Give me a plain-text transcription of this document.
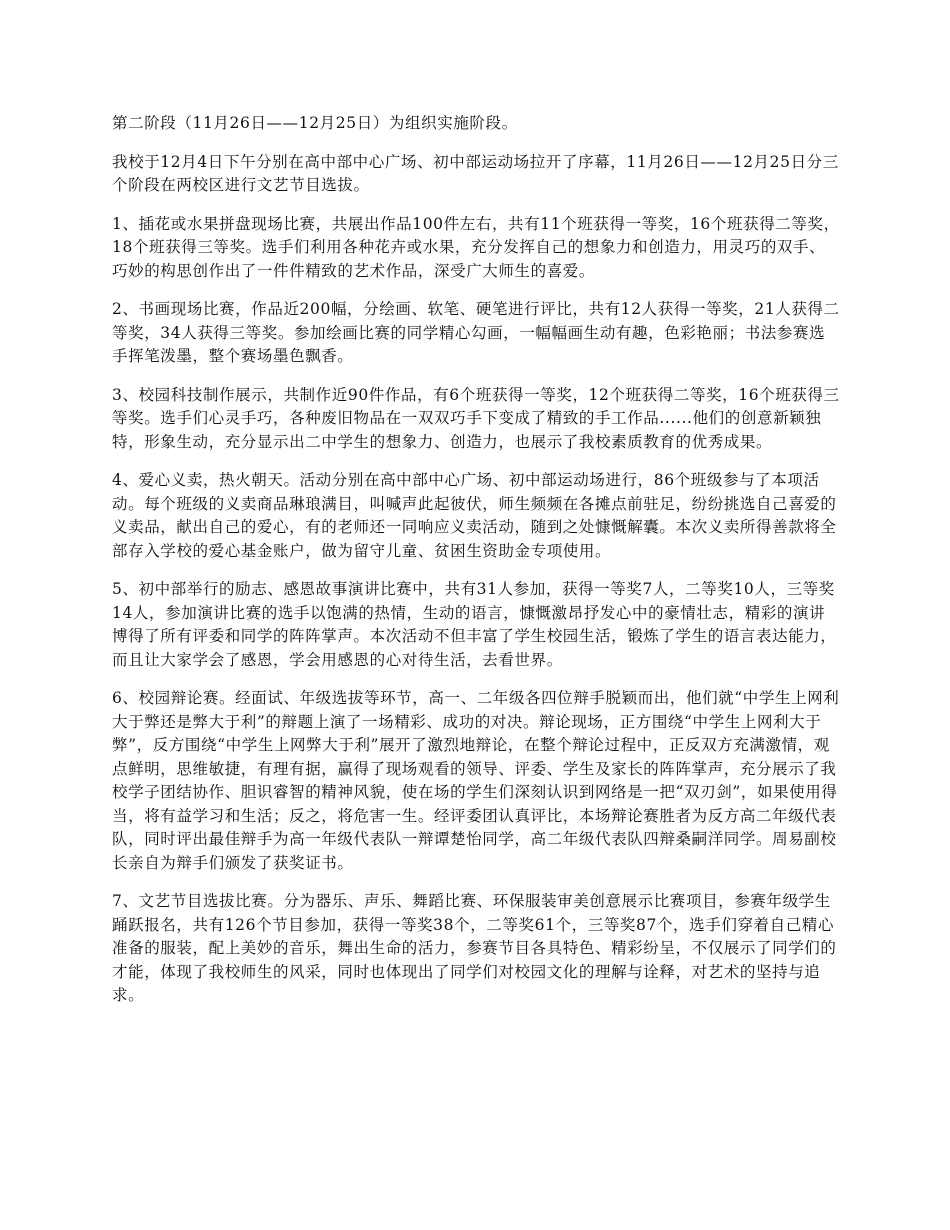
第二阶段（11月26日——12月25日）为组织实施阶段。

我校于12月4日下午分别在高中部中心广场、初中部运动场拉开了序幕，11月26日——12月25日分三个阶段在两校区进行文艺节目选拔。

1、插花或水果拼盘现场比赛，共展出作品100件左右，共有11个班获得一等奖，16个班获得二等奖，18个班获得三等奖。选手们利用各种花卉或水果，充分发挥自己的想象力和创造力，用灵巧的双手、巧妙的构思创作出了一件件精致的艺术作品，深受广大师生的喜爱。

2、书画现场比赛，作品近200幅，分绘画、软笔、硬笔进行评比，共有12人获得一等奖，21人获得二等奖，34人获得三等奖。参加绘画比赛的同学精心勾画，一幅幅画生动有趣，色彩艳丽；书法参赛选手挥笔泼墨，整个赛场墨色飘香。

3、校园科技制作展示，共制作近90件作品，有6个班获得一等奖，12个班获得二等奖，16个班获得三等奖。选手们心灵手巧，各种废旧物品在一双双巧手下变成了精致的手工作品......他们的创意新颖独特，形象生动，充分显示出二中学生的想象力、创造力，也展示了我校素质教育的优秀成果。

4、爱心义卖，热火朝天。活动分别在高中部中心广场、初中部运动场进行，86个班级参与了本项活动。每个班级的义卖商品琳琅满目，叫喊声此起彼伏，师生频频在各摊点前驻足，纷纷挑选自己喜爱的义卖品，献出自己的爱心，有的老师还一同响应义卖活动，随到之处慷慨解囊。本次义卖所得善款将全部存入学校的爱心基金账户，做为留守儿童、贫困生资助金专项使用。

5、初中部举行的励志、感恩故事演讲比赛中，共有31人参加，获得一等奖7人，二等奖10人，三等奖14人，参加演讲比赛的选手以饱满的热情，生动的语言，慷慨激昂抒发心中的豪情壮志，精彩的演讲博得了所有评委和同学的阵阵掌声。本次活动不但丰富了学生校园生活，锻炼了学生的语言表达能力，而且让大家学会了感恩，学会用感恩的心对待生活，去看世界。

6、校园辩论赛。经面试、年级选拔等环节，高一、二年级各四位辩手脱颖而出，他们就“中学生上网利大于弊还是弊大于利”的辩题上演了一场精彩、成功的对决。辩论现场，正方围绕“中学生上网利大于弊”，反方围绕“中学生上网弊大于利”展开了激烈地辩论，在整个辩论过程中，正反双方充满激情，观点鲜明，思维敏捷，有理有据，赢得了现场观看的领导、评委、学生及家长的阵阵掌声，充分展示了我校学子团结协作、胆识睿智的精神风貌，使在场的学生们深刻认识到网络是一把“双刃剑”，如果使用得当，将有益学习和生活；反之，将危害一生。经评委团认真评比，本场辩论赛胜者为反方高二年级代表队，同时评出最佳辩手为高一年级代表队一辩谭楚怡同学，高二年级代表队四辩桑嗣洋同学。周易副校长亲自为辩手们颁发了获奖证书。

7、文艺节目选拔比赛。分为器乐、声乐、舞蹈比赛、环保服装审美创意展示比赛项目，参赛年级学生踊跃报名，共有126个节目参加，获得一等奖38个，二等奖61个，三等奖87个，选手们穿着自己精心准备的服装，配上美妙的音乐，舞出生命的活力，参赛节目各具特色、精彩纷呈，不仅展示了同学们的才能，体现了我校师生的风采，同时也体现出了同学们对校园文化的理解与诠释，对艺术的坚持与追求。
